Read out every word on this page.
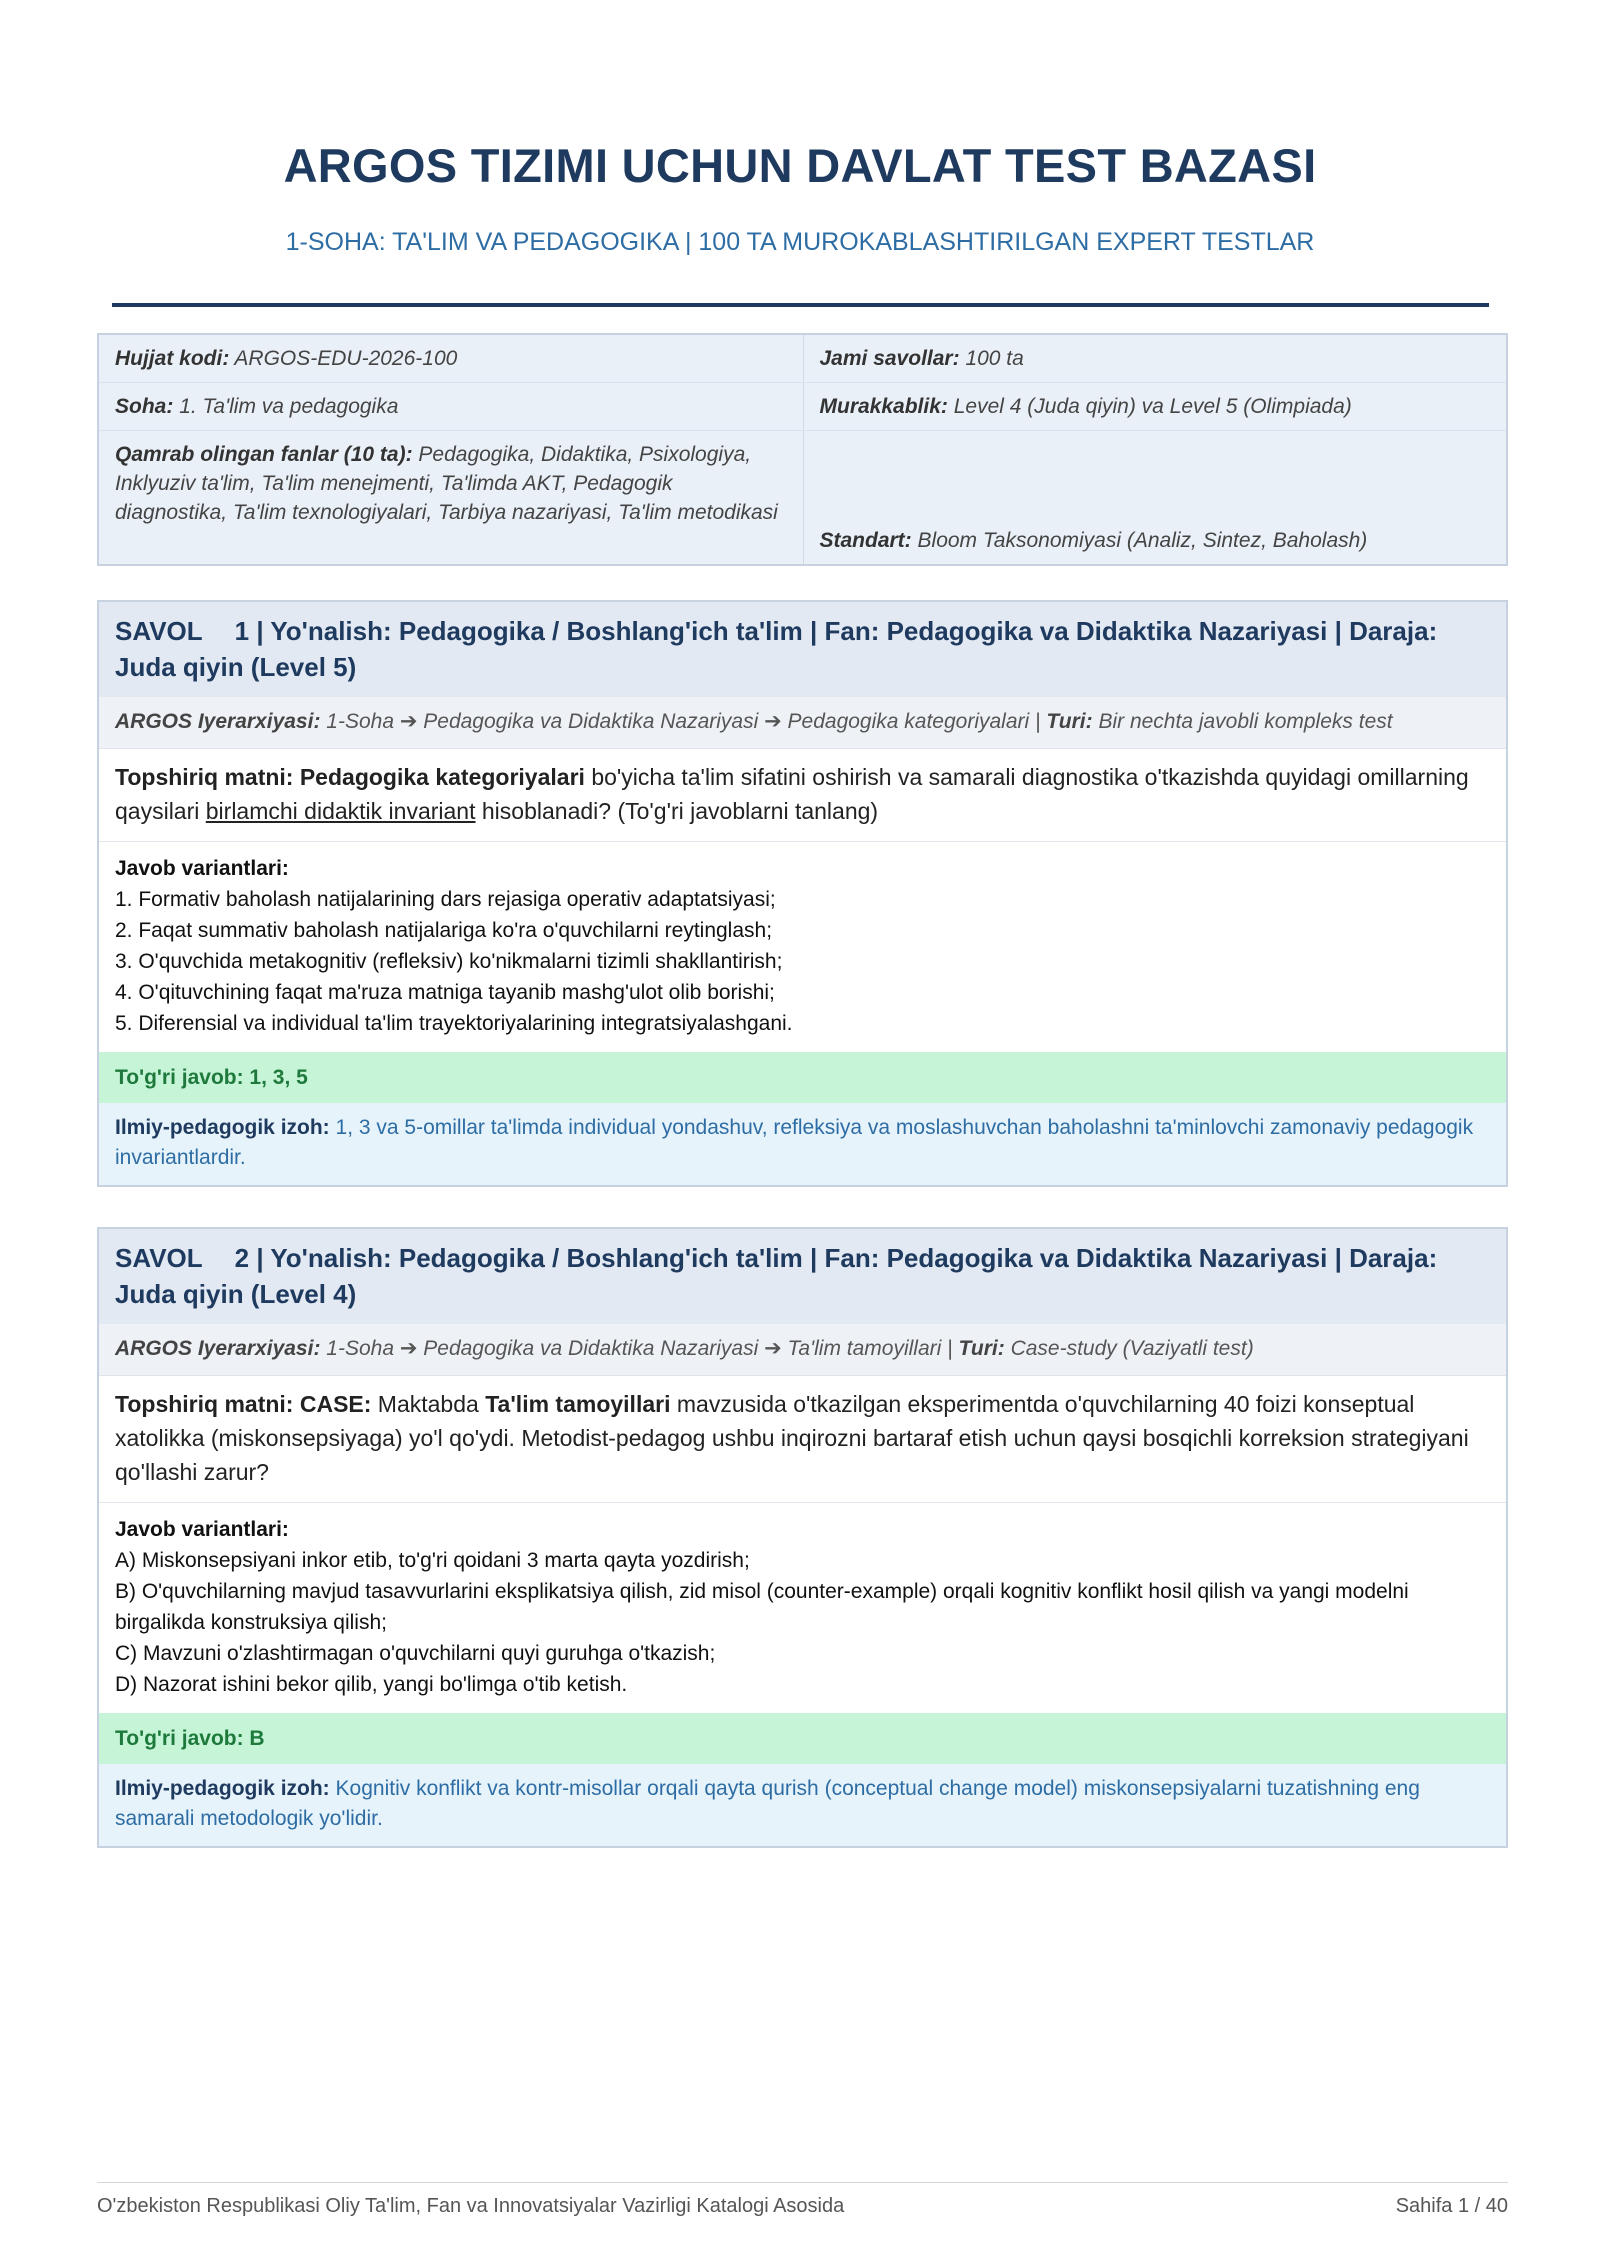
ARGOS TIZIMI UCHUN DAVLAT TEST BAZASI
1-SOHA: TA'LIM VA PEDAGOGIKA | 100 TA MUROKABLASHTIRILGAN EXPERT TESTLAR
Hujjat kodi: ARGOS-EDU-2026-100	Jami savollar: 100 ta
Soha: 1. Ta'lim va pedagogika	Murakkablik: Level 4 (Juda qiyin) va Level 5 (Olimpiada)
Qamrab olingan fanlar (10 ta): Pedagogika, Didaktika, Psixologiya, Inklyuziv ta'lim, Ta'lim menejmenti, Ta'limda AKT, Pedagogik diagnostika, Ta'lim texnologiyalari, Tarbiya nazariyasi, Ta'lim metodikasi
Standart: Bloom Taksonomiyasi (Analiz, Sintez, Baholash)
SAVOL 1 | Yo'nalish: Pedagogika / Boshlang'ich ta'lim | Fan: Pedagogika va Didaktika Nazariyasi | Daraja: Juda qiyin (Level 5)
ARGOS Iyerarxiyasi: 1-Soha ➔ Pedagogika va Didaktika Nazariyasi ➔ Pedagogika kategoriyalari | Turi: Bir nechta javobli kompleks test
Topshiriq matni: Pedagogika kategoriyalari bo'yicha ta'lim sifatini oshirish va samarali diagnostika o'tkazishda quyidagi omillarning qaysilari birlamchi didaktik invariant hisoblanadi? (To'g'ri javoblarni tanlang)
Javob variantlari:
1. Formativ baholash natijalarining dars rejasiga operativ adaptatsiyasi;
2. Faqat summativ baholash natijalariga ko'ra o'quvchilarni reytinglash;
3. O'quvchida metakognitiv (refleksiv) ko'nikmalarni tizimli shakllantirish;
4. O'qituvchining faqat ma'ruza matniga tayanib mashg'ulot olib borishi;
5. Diferensial va individual ta'lim trayektoriyalarining integratsiyalashgani.
To'g'ri javob: 1, 3, 5
Ilmiy-pedagogik izoh: 1, 3 va 5-omillar ta'limda individual yondashuv, refleksiya va moslashuvchan baholashni ta'minlovchi zamonaviy pedagogik invariantlardir.
SAVOL 2 | Yo'nalish: Pedagogika / Boshlang'ich ta'lim | Fan: Pedagogika va Didaktika Nazariyasi | Daraja: Juda qiyin (Level 4)
ARGOS Iyerarxiyasi: 1-Soha ➔ Pedagogika va Didaktika Nazariyasi ➔ Ta'lim tamoyillari | Turi: Case-study (Vaziyatli test)
Topshiriq matni: CASE: Maktabda Ta'lim tamoyillari mavzusida o'tkazilgan eksperimentda o'quvchilarning 40 foizi konseptual xatolikka (miskonsepsiyaga) yo'l qo'ydi. Metodist-pedagog ushbu inqirozni bartaraf etish uchun qaysi bosqichli korreksion strategiyani qo'llashi zarur?
Javob variantlari:
A) Miskonsepsiyani inkor etib, to'g'ri qoidani 3 marta qayta yozdirish;
B) O'quvchilarning mavjud tasavvurlarini eksplikatsiya qilish, zid misol (counter-example) orqali kognitiv konflikt hosil qilish va yangi modelni birgalikda konstruksiya qilish;
C) Mavzuni o'zlashtirmagan o'quvchilarni quyi guruhga o'tkazish;
D) Nazorat ishini bekor qilib, yangi bo'limga o'tib ketish.
To'g'ri javob: B
Ilmiy-pedagogik izoh: Kognitiv konflikt va kontr-misollar orqali qayta qurish (conceptual change model) miskonsepsiyalarni tuzatishning eng samarali metodologik yo'lidir.
O'zbekiston Respublikasi Oliy Ta'lim, Fan va Innovatsiyalar Vazirligi Katalogi Asosida	Sahifa 1 / 40
